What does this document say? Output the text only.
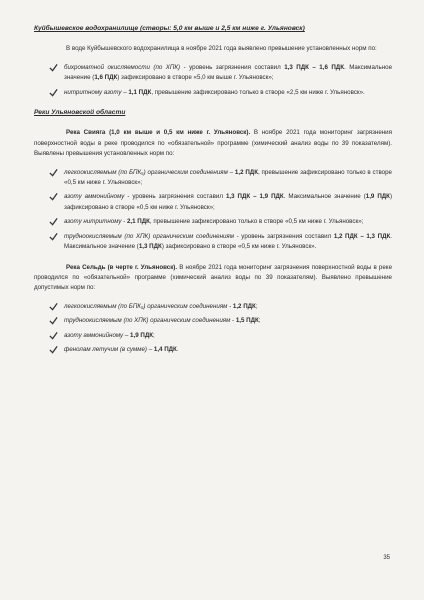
Куйбышевское водохранилище (створы: 5,0 км выше и 2,5 км ниже г. Ульяновск)

В воде Куйбышевского водохранилища в ноябре 2021 года выявлено превышение установленных норм по:

бихроматной окисляемости (по ХПК) - уровень загрязнения составил 1,3 ПДК – 1,6 ПДК. Максимальное значение (1,6 ПДК) зафиксировано в створе «5,0 км выше г. Ульяновск»;
нитритному азоту – 1,1 ПДК, превышение зафиксировано только в створе «2,5 км ниже г. Ульяновск».
Реки Ульяновской области

Река Свияга (1,0 км выше и 0,5 км ниже г. Ульяновск). В ноябре 2021 года мониторинг загрязнения поверхностной воды в реке проводился по «обязательной» программе (химический анализ воды по 39 показателям). Выявлены превышения установленных норм по:

легкоокисляемым (по БПК₅) органическим соединениям – 1,2 ПДК, превышение зафиксировано только в створе «0,5 км ниже г. Ульяновск»;
азоту аммонийному - уровень загрязнения составил 1,3 ПДК – 1,9 ПДК. Максимальное значение (1,9 ПДК) зафиксировано в створе «0,5 км ниже г. Ульяновск»;
азоту нитритному - 2,1 ПДК, превышение зафиксировано только в створе «0,5 км ниже г. Ульяновск»;
трудноокисляемым (по ХПК) органическим соединениям - уровень загрязнения составил 1,2 ПДК – 1,3 ПДК. Максимальное значение (1,3 ПДК) зафиксировано в створе «0,5 км ниже г. Ульяновск».

Река Сельдь (в черте г. Ульяновск). В ноябре 2021 года мониторинг загрязнения поверхностной воды в реке проводился по «обязательной» программе (химический анализ воды по 39 показателям). Выявлено превышение допустимых норм по:

легкоокисляемым (по БПК₅) органическим соединениям - 1,2 ПДК;
трудноокисляемым (по ХПК) органическим соединениям - 1,5 ПДК;
азоту аммонийному – 1,9 ПДК;
фенолам летучим (в сумме) – 1,4 ПДК.
35
